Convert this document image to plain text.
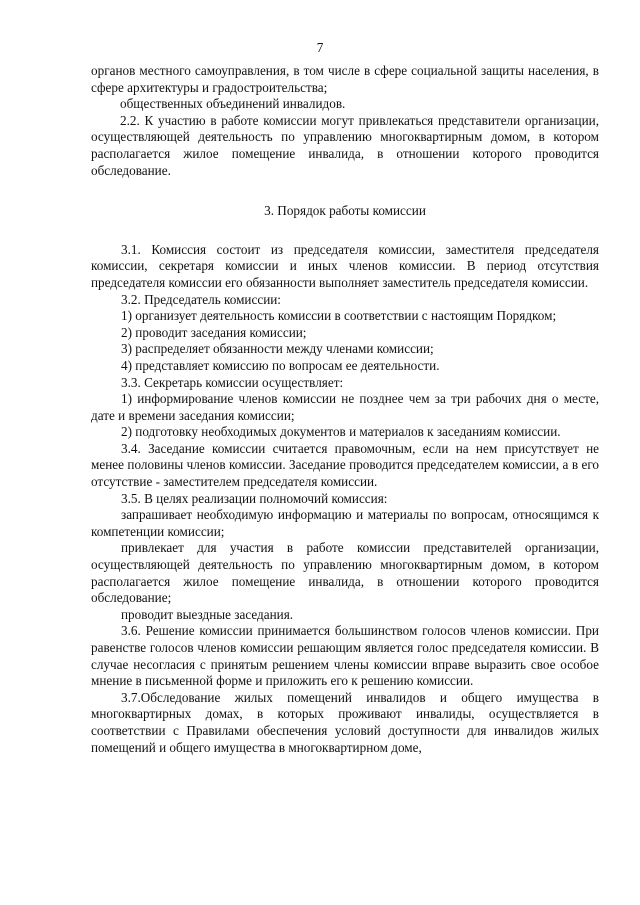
7

органов местного самоуправления, в том числе в сфере социальной защиты населения, в сфере архитектуры и градостроительства;

общественных объединений инвалидов.

2.2. К участию в работе комиссии могут привлекаться представители организации, осуществляющей деятельность по управлению многоквартирным домом, в котором располагается жилое помещение инвалида, в отношении которого проводится обследование.

3. Порядок работы комиссии

3.1. Комиссия состоит из председателя комиссии, заместителя председателя комиссии, секретаря комиссии и иных членов комиссии. В период отсутствия председателя комиссии его обязанности выполняет заместитель председателя комиссии.

3.2. Председатель комиссии:

1) организует деятельность комиссии в соответствии с настоящим Порядком;

2) проводит заседания комиссии;

3) распределяет обязанности между членами комиссии;

4) представляет комиссию по вопросам ее деятельности.

3.3. Секретарь комиссии осуществляет:

1) информирование членов комиссии не позднее чем за три рабочих дня о месте, дате и времени заседания комиссии;

2) подготовку необходимых документов и материалов к заседаниям комиссии.

3.4. Заседание комиссии считается правомочным, если на нем присутствует не менее половины членов комиссии. Заседание проводится председателем комиссии, а в его отсутствие - заместителем председателя комиссии.

3.5. В целях реализации полномочий комиссия:

запрашивает необходимую информацию и материалы по вопросам, относящимся к компетенции комиссии;

привлекает для участия в работе комиссии представителей организации, осуществляющей деятельность по управлению многоквартирным домом, в котором располагается жилое помещение инвалида, в отношении которого проводится обследование;

проводит выездные заседания.

3.6. Решение комиссии принимается большинством голосов членов комиссии. При равенстве голосов членов комиссии решающим является голос председателя комиссии. В случае несогласия с принятым решением члены комиссии вправе выразить свое особое мнение в письменной форме и приложить его к решению комиссии.

3.7.Обследование жилых помещений инвалидов и общего имущества в многоквартирных домах, в которых проживают инвалиды, осуществляется в соответствии с Правилами обеспечения условий доступности для инвалидов жилых помещений и общего имущества в многоквартирном доме,
